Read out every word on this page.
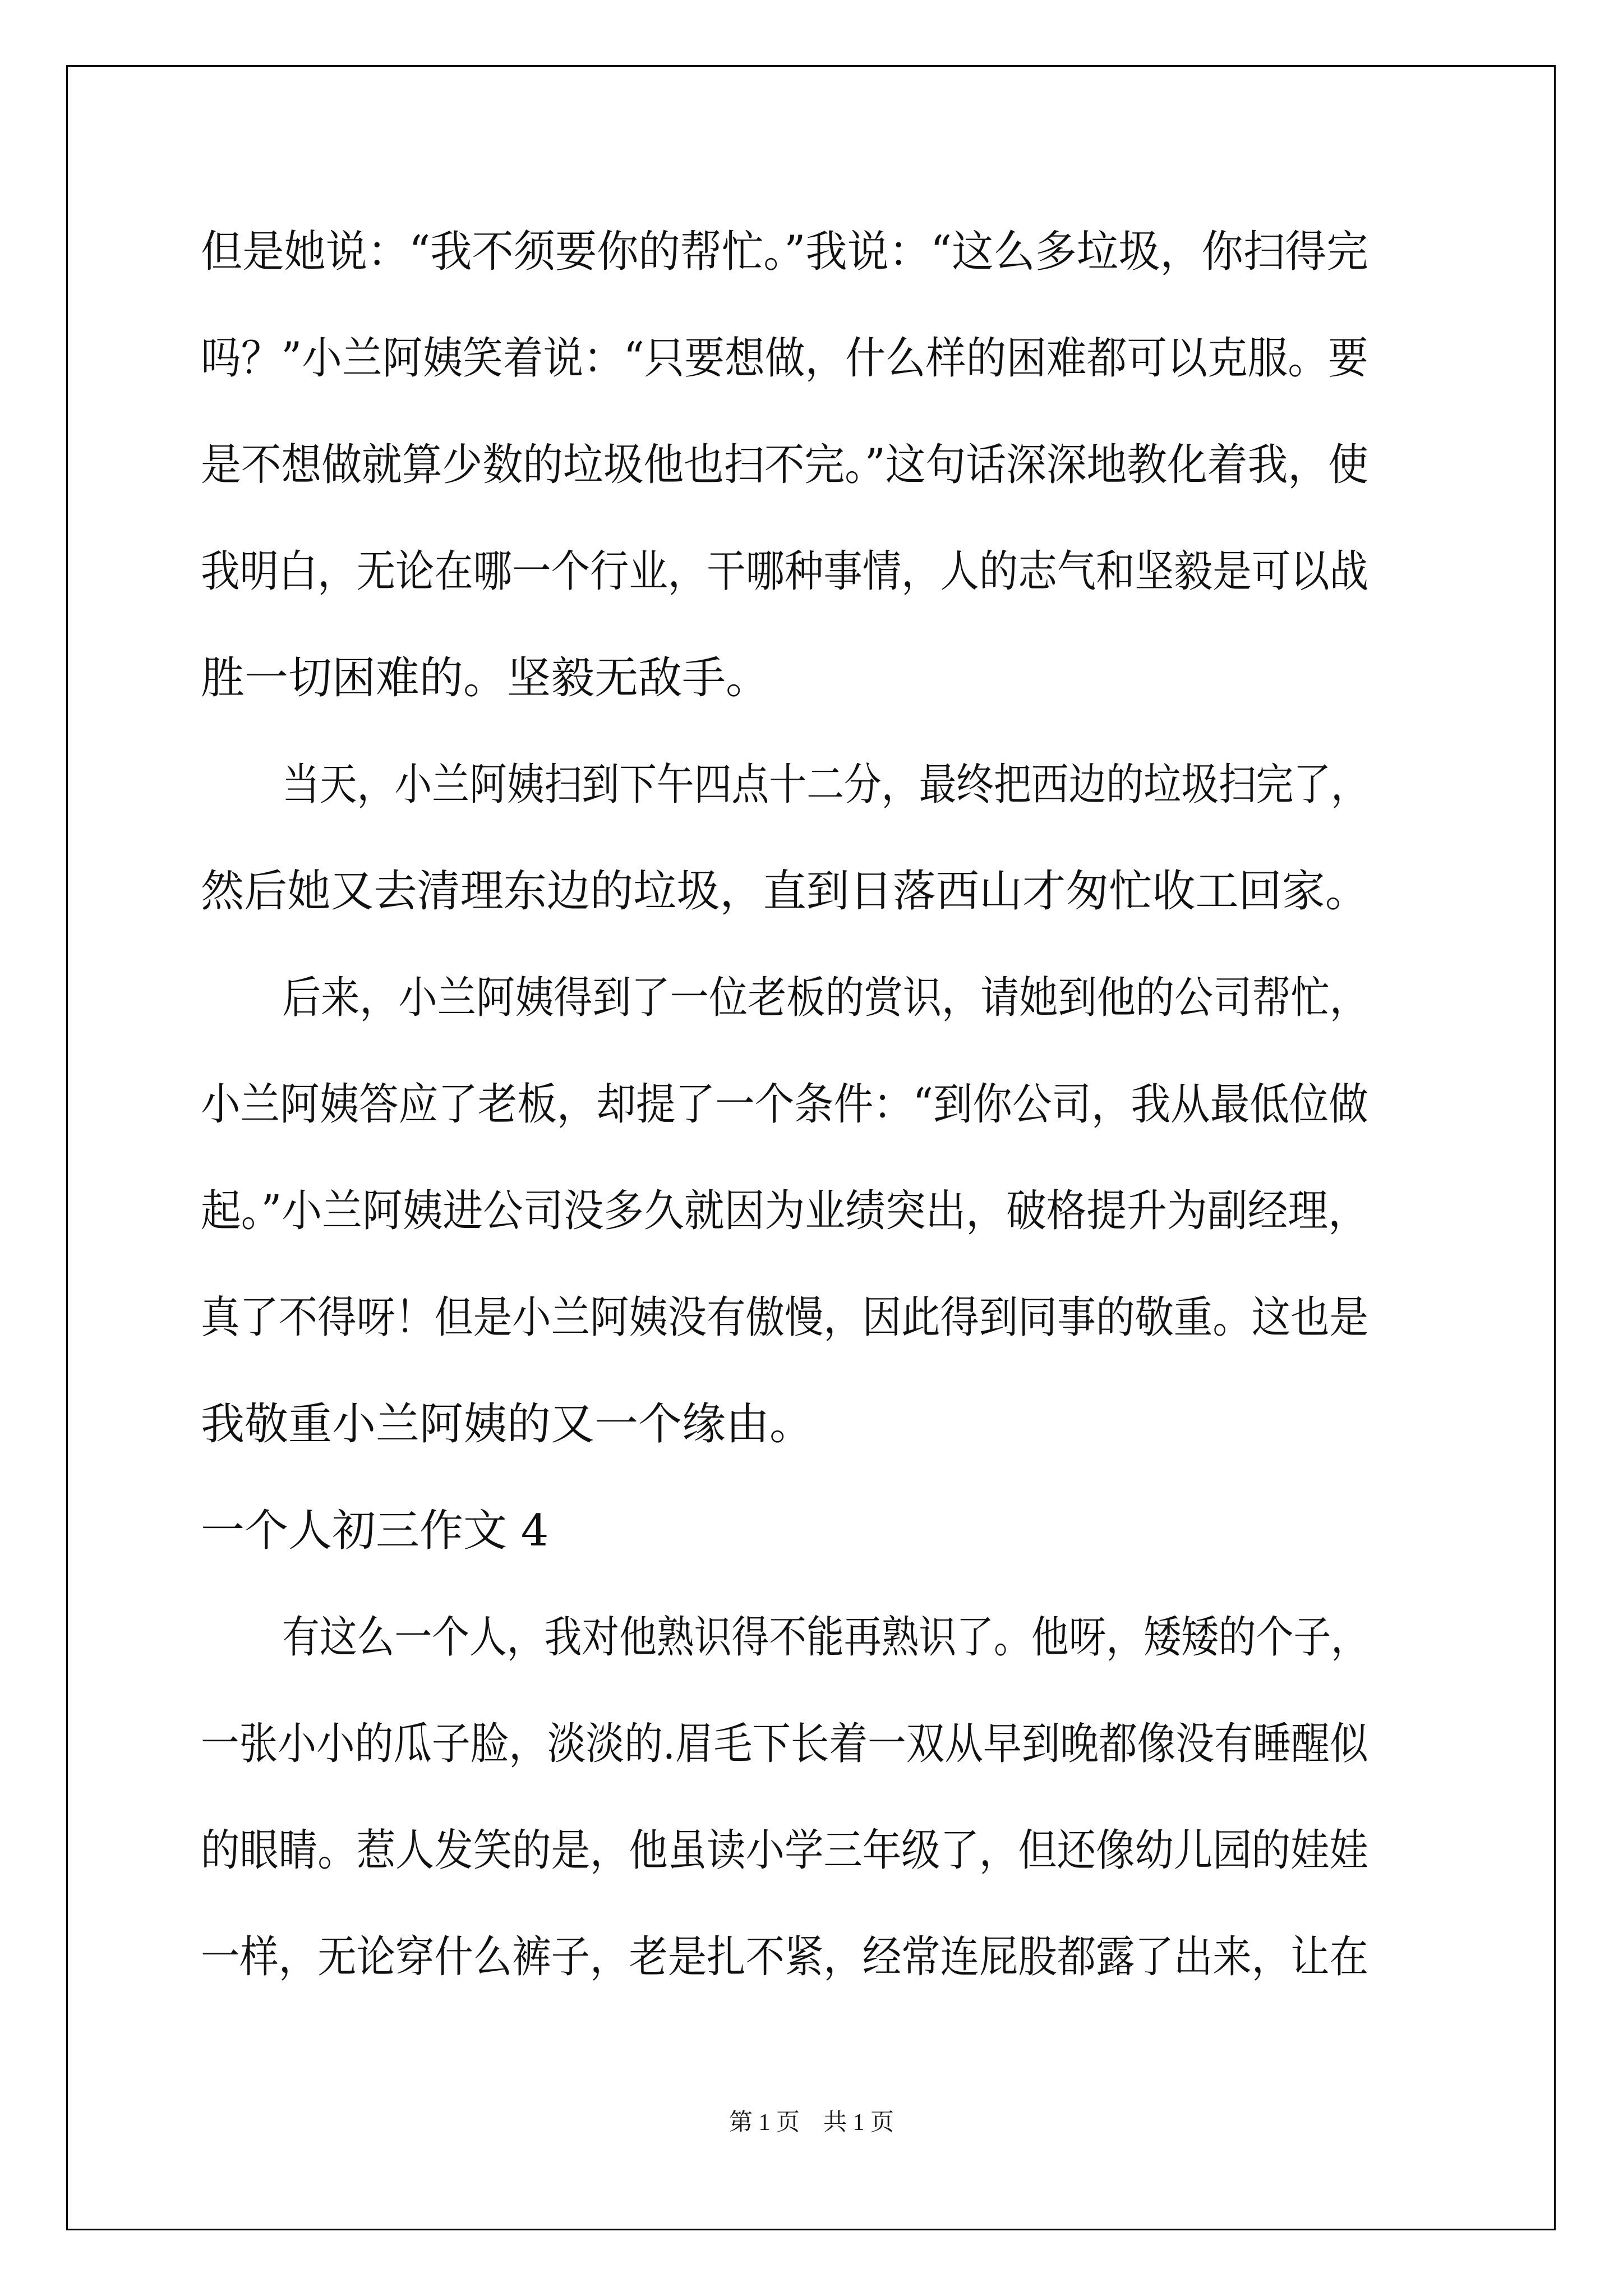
但是她说：“我不须要你的帮忙。”我说：“这么多垃圾，你扫得完
吗？”小兰阿姨笑着说：“只要想做，什么样的困难都可以克服。要
是不想做就算少数的垃圾他也扫不完。”这句话深深地教化着我，使
我明白，无论在哪一个行业，干哪种事情，人的志气和坚毅是可以战
胜一切困难的。坚毅无敌手。
当天，小兰阿姨扫到下午四点十二分，最终把西边的垃圾扫完了，
然后她又去清理东边的垃圾，直到日落西山才匆忙收工回家。
后来，小兰阿姨得到了一位老板的赏识，请她到他的公司帮忙，
小兰阿姨答应了老板，却提了一个条件：“到你公司，我从最低位做
起。”小兰阿姨进公司没多久就因为业绩突出，破格提升为副经理，
真了不得呀！但是小兰阿姨没有傲慢，因此得到同事的敬重。这也是
我敬重小兰阿姨的又一个缘由。
一个人初三作文 4
有这么一个人，我对他熟识得不能再熟识了。他呀，矮矮的个子，
一张小小的瓜子脸，淡淡的.眉毛下长着一双从早到晚都像没有睡醒似
的眼睛。惹人发笑的是，他虽读小学三年级了，但还像幼儿园的娃娃
一样，无论穿什么裤子，老是扎不紧，经常连屁股都露了出来，让在
第 1 页　共 1 页
